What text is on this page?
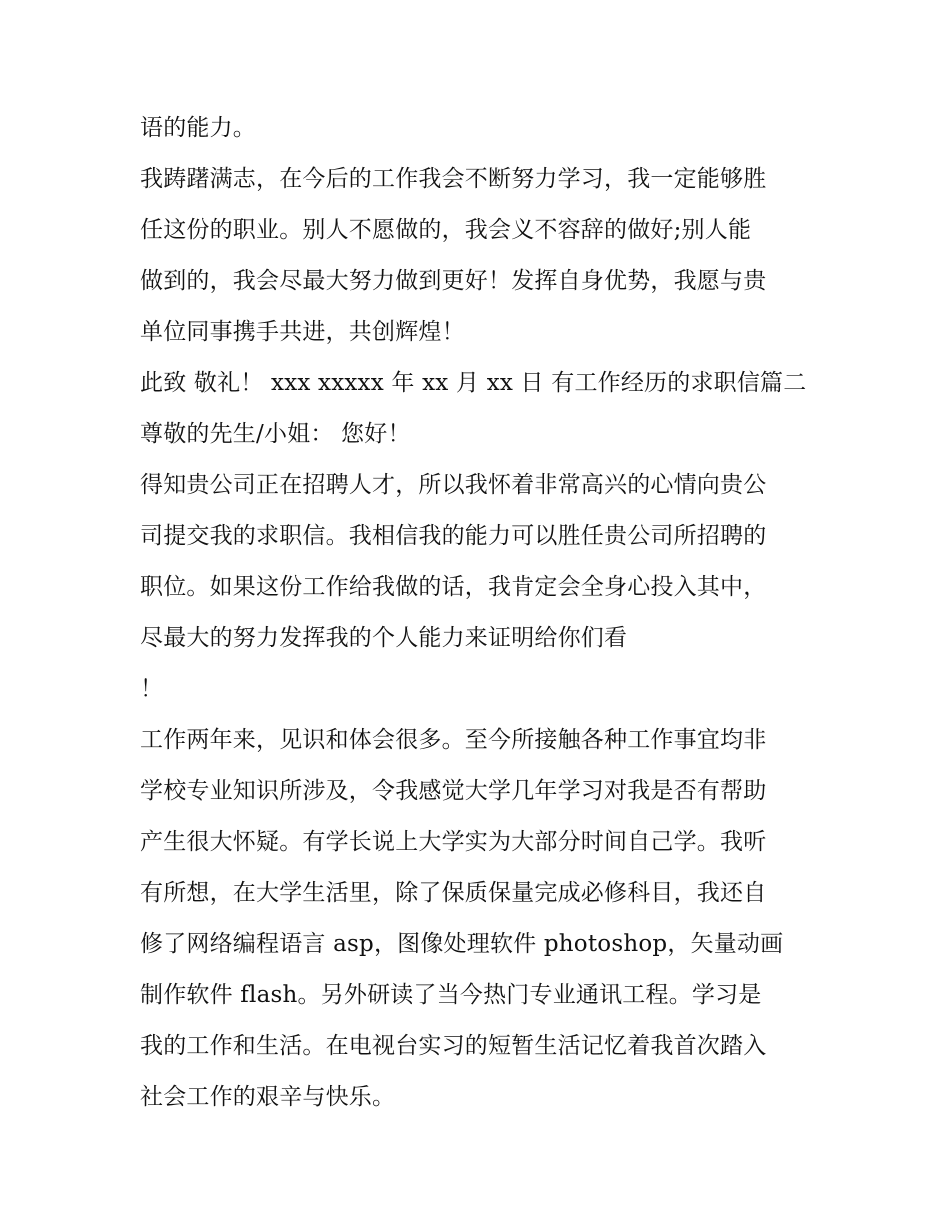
语的能力。
我踌躇满志，在今后的工作我会不断努力学习，我一定能够胜
任这份的职业。别人不愿做的，我会义不容辞的做好;别人能
做到的，我会尽最大努力做到更好！发挥自身优势，我愿与贵
单位同事携手共进，共创辉煌！
此致 敬礼！ xxx xxxxx 年 xx 月 xx 日 有工作经历的求职信篇二
尊敬的先生/小姐： 您好！
得知贵公司正在招聘人才，所以我怀着非常高兴的心情向贵公
司提交我的求职信。我相信我的能力可以胜任贵公司所招聘的
职位。如果这份工作给我做的话，我肯定会全身心投入其中，
尽最大的努力发挥我的个人能力来证明给你们看
！
工作两年来，见识和体会很多。至今所接触各种工作事宜均非
学校专业知识所涉及，令我感觉大学几年学习对我是否有帮助
产生很大怀疑。有学长说上大学实为大部分时间自己学。我听
有所想，在大学生活里，除了保质保量完成必修科目，我还自
修了网络编程语言 asp，图像处理软件 photoshop，矢量动画
制作软件 flash。另外研读了当今热门专业通讯工程。学习是
我的工作和生活。在电视台实习的短暂生活记忆着我首次踏入
社会工作的艰辛与快乐。
